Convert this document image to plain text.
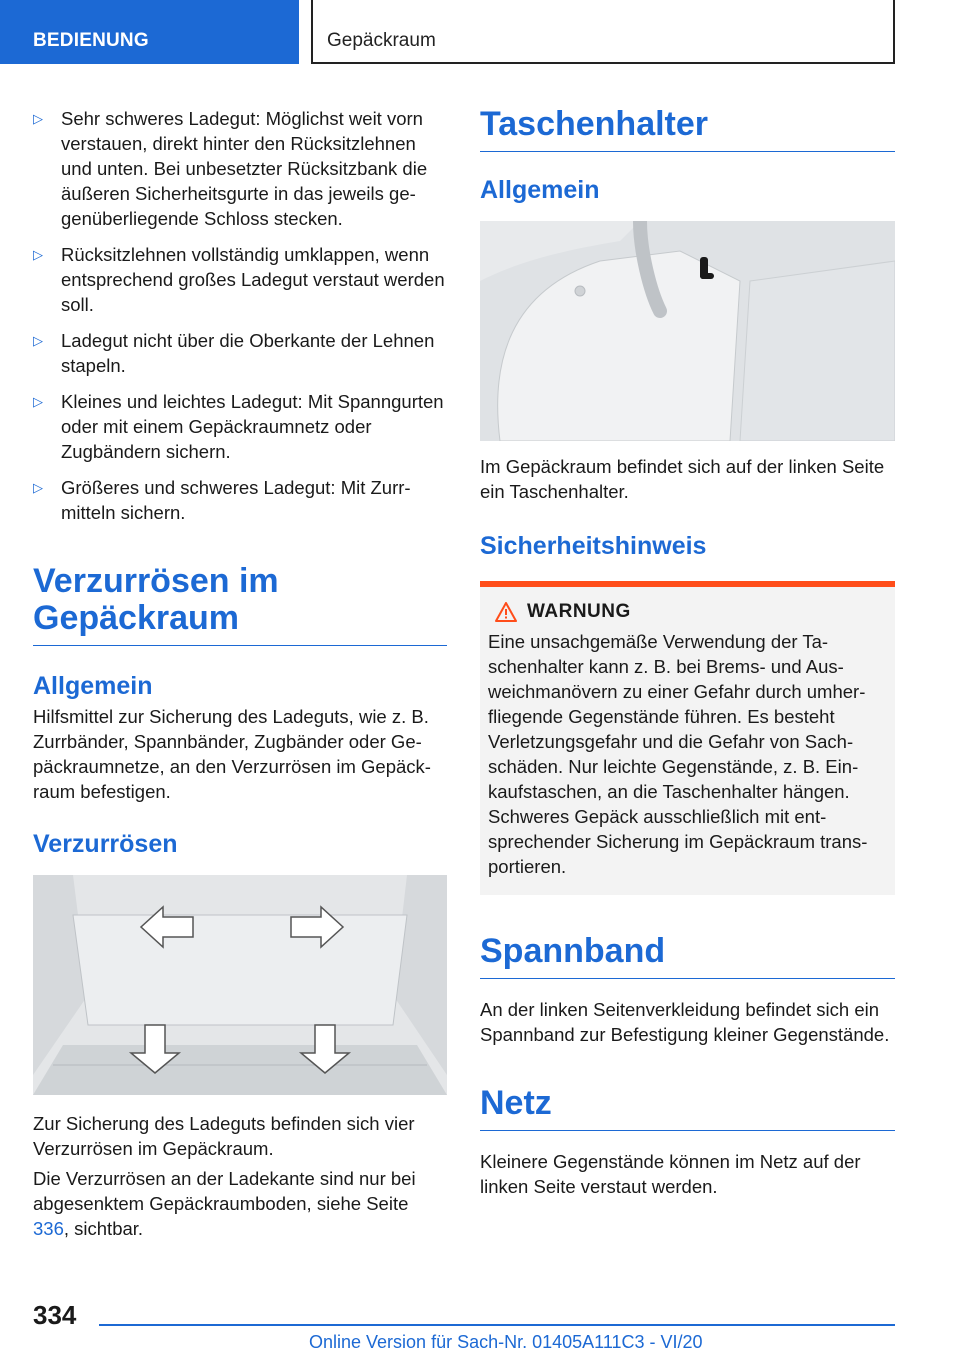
BEDIENUNG	Gepäckraum
▷ Sehr schweres Ladegut: Möglichst weit vorn verstauen, direkt hinter den Rücksitzlehnen und unten. Bei unbesetzter Rücksitzbank die äußeren Sicherheitsgurte in das jeweils gegenüberliegende Schloss stecken.
▷ Rücksitzlehnen vollständig umklappen, wenn entsprechend großes Ladegut verstaut werden soll.
▷ Ladegut nicht über die Oberkante der Lehnen stapeln.
▷ Kleines und leichtes Ladegut: Mit Spanngurten oder mit einem Gepäckraumnetz oder Zugbändern sichern.
▷ Größeres und schweres Ladegut: Mit Zurrmitteln sichern.
Verzurrösen im Gepäckraum
Allgemein

Hilfsmittel zur Sicherung des Ladeguts, wie z. B. Zurrbänder, Spannbänder, Zugbänder oder Gepäckraumnetze, an den Verzurrösen im Gepäckraum befestigen.

Verzurrösen

Zur Sicherung des Ladeguts befinden sich vier Verzurrösen im Gepäckraum.

Die Verzurrösen an der Ladekante sind nur bei abgesenktem Gepäckraumboden, siehe Seite 336, sichtbar.

Taschenhalter
Allgemein

Im Gepäckraum befindet sich auf der linken Seite ein Taschenhalter.

Sicherheitshinweis
WARNUNG

Eine unsachgemäße Verwendung der Taschenhalter kann z. B. bei Brems- und Ausweichmanövern zu einer Gefahr durch umherfliegende Gegenstände führen. Es besteht Verletzungsgefahr und die Gefahr von Sachschäden. Nur leichte Gegenstände, z. B. Einkaufstaschen, an die Taschenhalter hängen. Schweres Gepäck ausschließlich mit entsprechender Sicherung im Gepäckraum transportieren.

Spannband

An der linken Seitenverkleidung befindet sich ein Spannband zur Befestigung kleiner Gegenstände.

Netz

Kleinere Gegenstände können im Netz auf der linken Seite verstaut werden.

334
Online Version für Sach-Nr. 01405A111C3 - VI/20
